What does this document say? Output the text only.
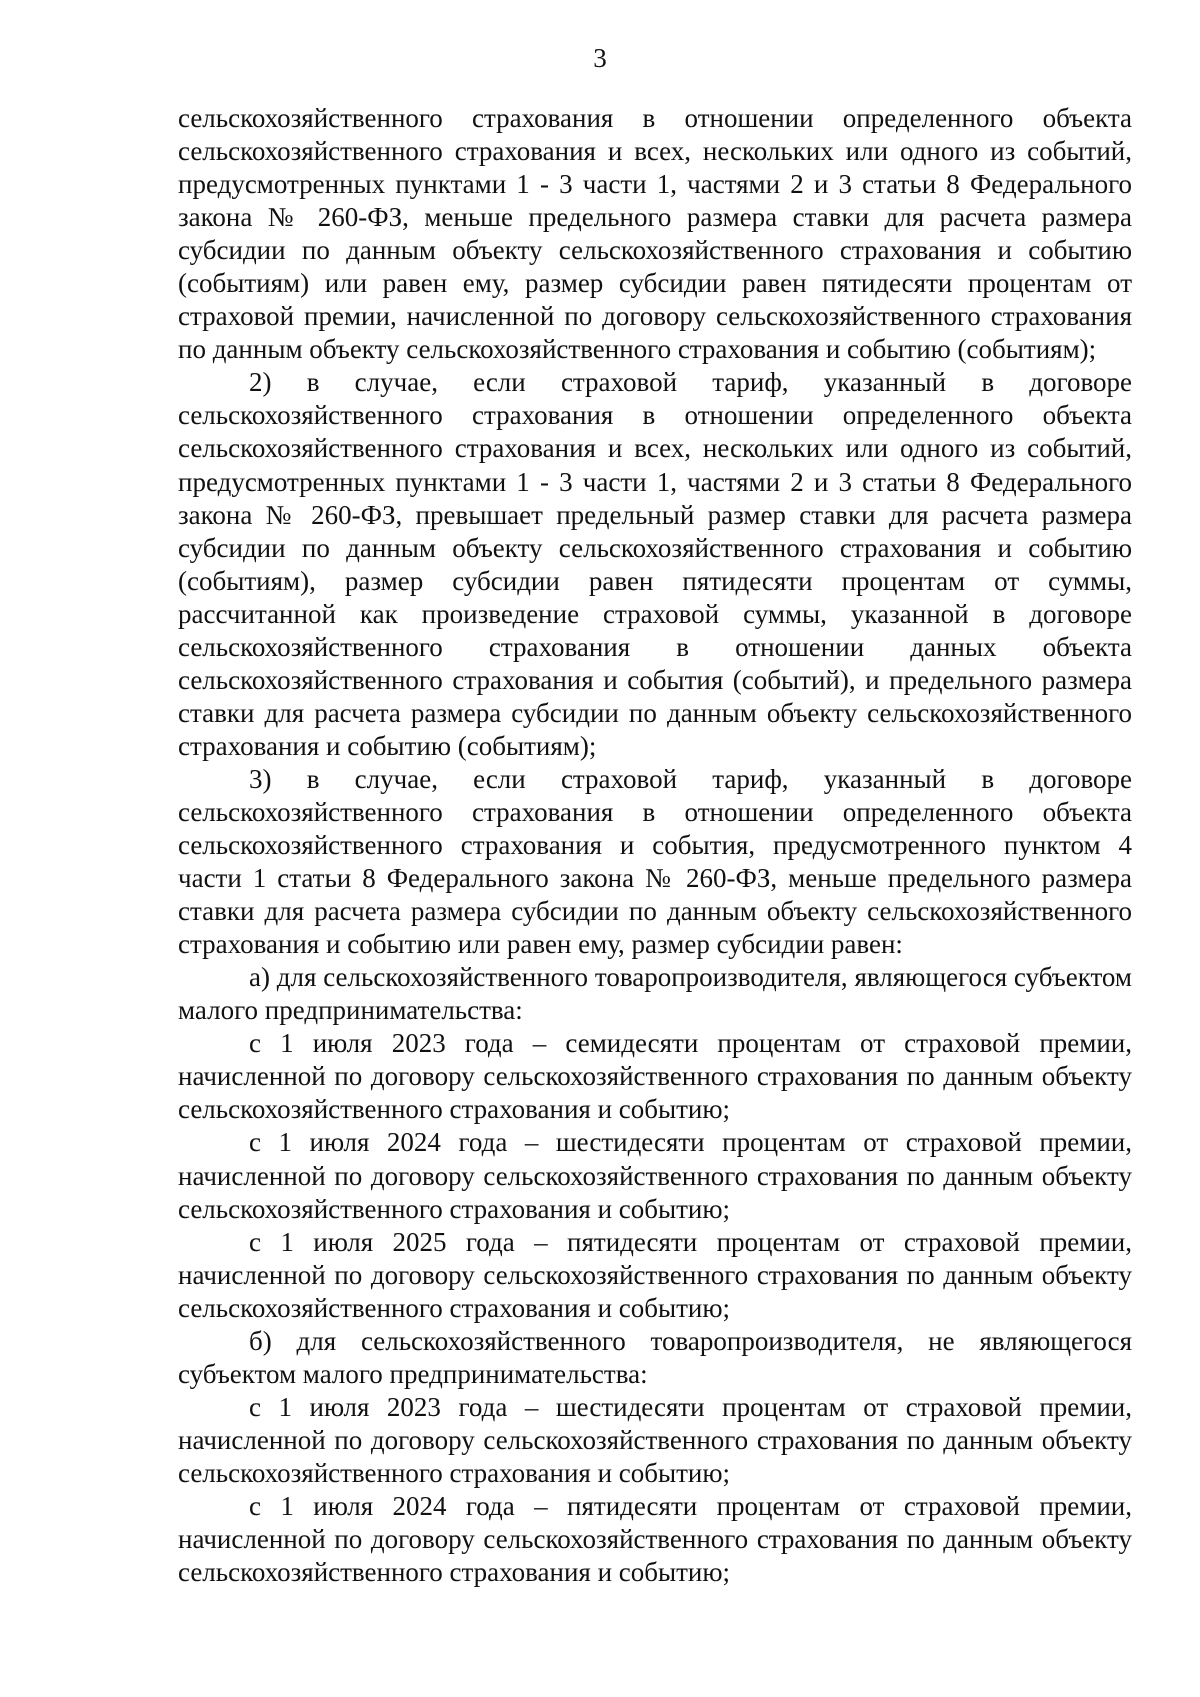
3

сельскохозяйственного страхования в отношении определенного объекта сельскохозяйственного страхования и всех, нескольких или одного из событий, предусмотренных пунктами 1 - 3 части 1, частями 2 и 3 статьи 8 Федерального закона № 260-ФЗ, меньше предельного размера ставки для расчета размера субсидии по данным объекту сельскохозяйственного страхования и событию (событиям) или равен ему, размер субсидии равен пятидесяти процентам от страховой премии, начисленной по договору сельскохозяйственного страхования по данным объекту сельскохозяйственного страхования и событию (событиям);

2) в случае, если страховой тариф, указанный в договоре сельскохозяйственного страхования в отношении определенного объекта сельскохозяйственного страхования и всех, нескольких или одного из событий, предусмотренных пунктами 1 - 3 части 1, частями 2 и 3 статьи 8 Федерального закона № 260-ФЗ, превышает предельный размер ставки для расчета размера субсидии по данным объекту сельскохозяйственного страхования и событию (событиям), размер субсидии равен пятидесяти процентам от суммы, рассчитанной как произведение страховой суммы, указанной в договоре сельскохозяйственного страхования в отношении данных объекта сельскохозяйственного страхования и события (событий), и предельного размера ставки для расчета размера субсидии по данным объекту сельскохозяйственного страхования и событию (событиям);

3) в случае, если страховой тариф, указанный в договоре сельскохозяйственного страхования в отношении определенного объекта сельскохозяйственного страхования и события, предусмотренного пунктом 4 части 1 статьи 8 Федерального закона № 260-ФЗ, меньше предельного размера ставки для расчета размера субсидии по данным объекту сельскохозяйственного страхования и событию или равен ему, размер субсидии равен:

а) для сельскохозяйственного товаропроизводителя, являющегося субъектом малого предпринимательства:

с 1 июля 2023 года – семидесяти процентам от страховой премии, начисленной по договору сельскохозяйственного страхования по данным объекту сельскохозяйственного страхования и событию;

с 1 июля 2024 года – шестидесяти процентам от страховой премии, начисленной по договору сельскохозяйственного страхования по данным объекту сельскохозяйственного страхования и событию;

с 1 июля 2025 года – пятидесяти процентам от страховой премии, начисленной по договору сельскохозяйственного страхования по данным объекту сельскохозяйственного страхования и событию;

б) для сельскохозяйственного товаропроизводителя, не являющегося субъектом малого предпринимательства:

с 1 июля 2023 года – шестидесяти процентам от страховой премии, начисленной по договору сельскохозяйственного страхования по данным объекту сельскохозяйственного страхования и событию;

с 1 июля 2024 года – пятидесяти процентам от страховой премии, начисленной по договору сельскохозяйственного страхования по данным объекту сельскохозяйственного страхования и событию;
